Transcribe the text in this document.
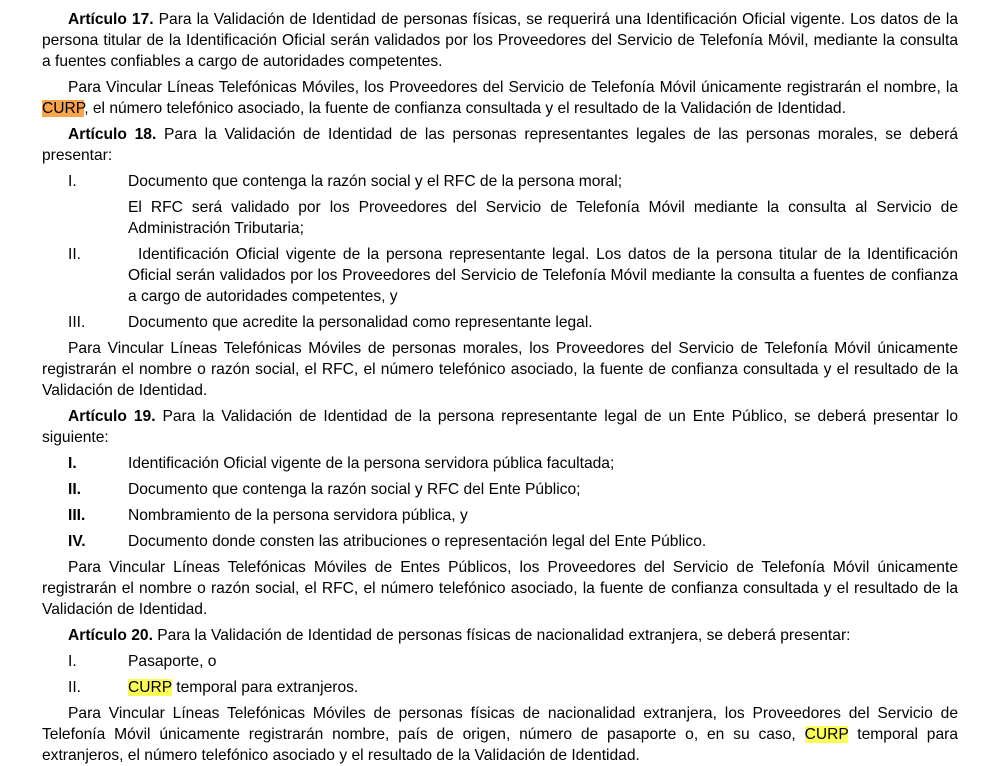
Artículo 17. Para la Validación de Identidad de personas físicas, se requerirá una Identificación Oficial vigente. Los datos de la persona titular de la Identificación Oficial serán validados por los Proveedores del Servicio de Telefonía Móvil, mediante la consulta a fuentes confiables a cargo de autoridades competentes.

Para Vincular Líneas Telefónicas Móviles, los Proveedores del Servicio de Telefonía Móvil únicamente registrarán el nombre, la CURP, el número telefónico asociado, la fuente de confianza consultada y el resultado de la Validación de Identidad.

Artículo 18. Para la Validación de Identidad de las personas representantes legales de las personas morales, se deberá presentar:

I.	Documento que contenga la razón social y el RFC de la persona moral;
El RFC será validado por los Proveedores del Servicio de Telefonía Móvil mediante la consulta al Servicio de Administración Tributaria;
II.	Identificación Oficial vigente de la persona representante legal. Los datos de la persona titular de la Identificación Oficial serán validados por los Proveedores del Servicio de Telefonía Móvil mediante la consulta a fuentes de confianza a cargo de autoridades competentes, y
III.	Documento que acredite la personalidad como representante legal.

Para Vincular Líneas Telefónicas Móviles de personas morales, los Proveedores del Servicio de Telefonía Móvil únicamente registrarán el nombre o razón social, el RFC, el número telefónico asociado, la fuente de confianza consultada y el resultado de la Validación de Identidad.

Artículo 19. Para la Validación de Identidad de la persona representante legal de un Ente Público, se deberá presentar lo siguiente:

I.	Identificación Oficial vigente de la persona servidora pública facultada;
II.	Documento que contenga la razón social y RFC del Ente Público;
III.	Nombramiento de la persona servidora pública, y
IV.	Documento donde consten las atribuciones o representación legal del Ente Público.

Para Vincular Líneas Telefónicas Móviles de Entes Públicos, los Proveedores del Servicio de Telefonía Móvil únicamente registrarán el nombre o razón social, el RFC, el número telefónico asociado, la fuente de confianza consultada y el resultado de la Validación de Identidad.

Artículo 20. Para la Validación de Identidad de personas físicas de nacionalidad extranjera, se deberá presentar:

I.	Pasaporte, o
II.	CURP temporal para extranjeros.

Para Vincular Líneas Telefónicas Móviles de personas físicas de nacionalidad extranjera, los Proveedores del Servicio de Telefonía Móvil únicamente registrarán nombre, país de origen, número de pasaporte o, en su caso, CURP temporal para extranjeros, el número telefónico asociado y el resultado de la Validación de Identidad.
